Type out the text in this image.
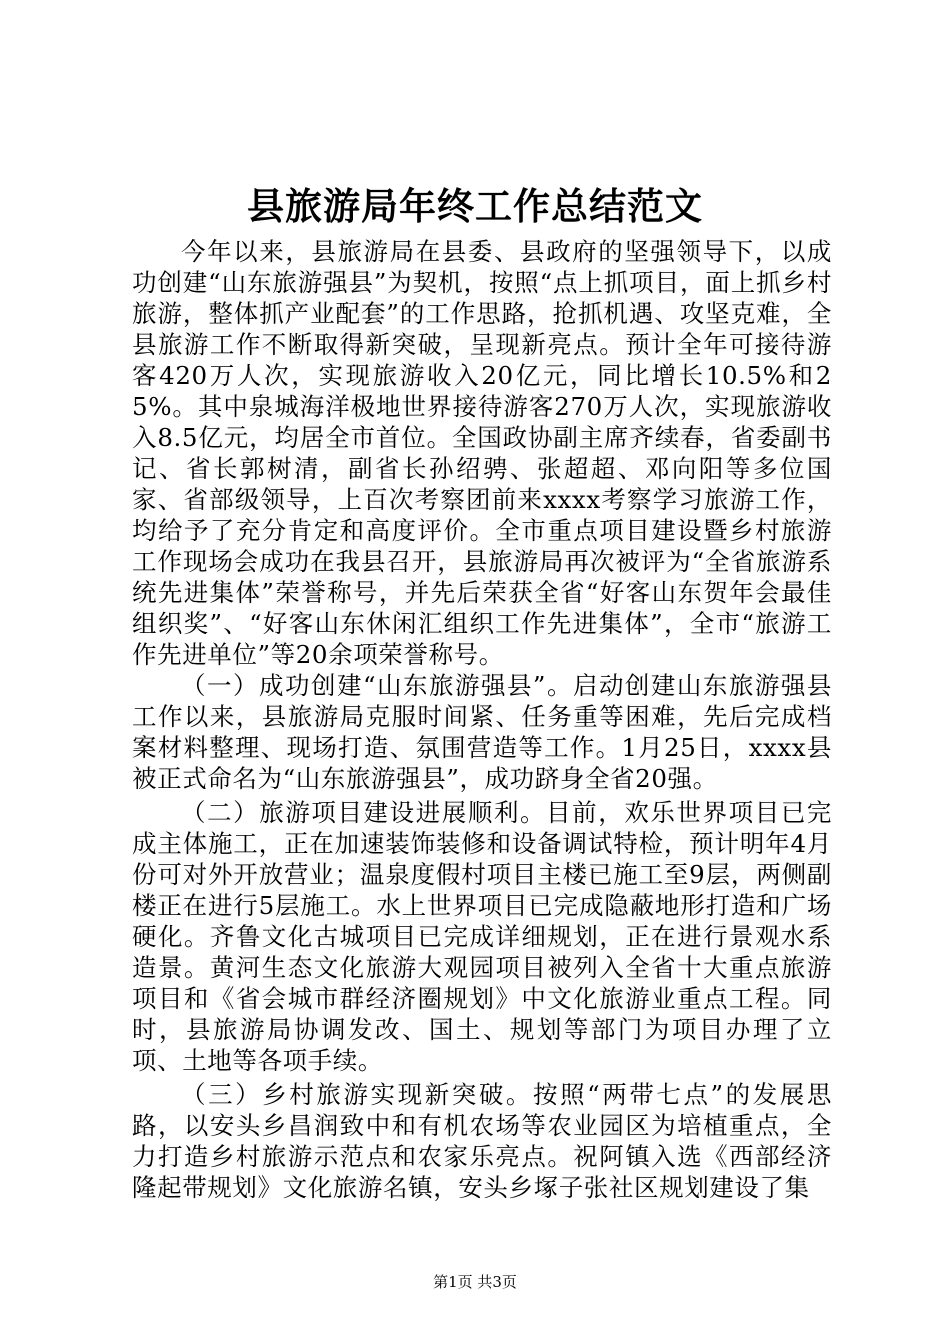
县旅游局年终工作总结范文

今年以来，县旅游局在县委、县政府的坚强领导下，以成功创建“山东旅游强县”为契机，按照“点上抓项目，面上抓乡村旅游，整体抓产业配套”的工作思路，抢抓机遇、攻坚克难，全县旅游工作不断取得新突破，呈现新亮点。预计全年可接待游客420万人次，实现旅游收入20亿元，同比增长10.5%和25%。其中泉城海洋极地世界接待游客270万人次，实现旅游收入8.5亿元，均居全市首位。全国政协副主席齐续春，省委副书记、省长郭树清，副省长孙绍骋、张超超、邓向阳等多位国家、省部级领导，上百次考察团前来xxxx考察学习旅游工作，均给予了充分肯定和高度评价。全市重点项目建设暨乡村旅游工作现场会成功在我县召开，县旅游局再次被评为“全省旅游系统先进集体”荣誉称号，并先后荣获全省“好客山东贺年会最佳组织奖”、“好客山东休闲汇组织工作先进集体”，全市“旅游工作先进单位”等20余项荣誉称号。

（一）成功创建“山东旅游强县”。启动创建山东旅游强县工作以来，县旅游局克服时间紧、任务重等困难，先后完成档案材料整理、现场打造、氛围营造等工作。1月25日，xxxx县被正式命名为“山东旅游强县”，成功跻身全省20强。

（二）旅游项目建设进展顺利。目前，欢乐世界项目已完成主体施工，正在加速装饰装修和设备调试特检，预计明年4月份可对外开放营业；温泉度假村项目主楼已施工至9层，两侧副楼正在进行5层施工。水上世界项目已完成隐蔽地形打造和广场硬化。齐鲁文化古城项目已完成详细规划，正在进行景观水系造景。黄河生态文化旅游大观园项目被列入全省十大重点旅游项目和《省会城市群经济圈规划》中文化旅游业重点工程。同时，县旅游局协调发改、国土、规划等部门为项目办理了立项、土地等各项手续。

（三）乡村旅游实现新突破。按照“两带七点”的发展思路，以安头乡昌润致中和有机农场等农业园区为培植重点，全力打造乡村旅游示范点和农家乐亮点。祝阿镇入选《西部经济隆起带规划》文化旅游名镇，安头乡塚子张社区规划建设了集

第1页 共3页
